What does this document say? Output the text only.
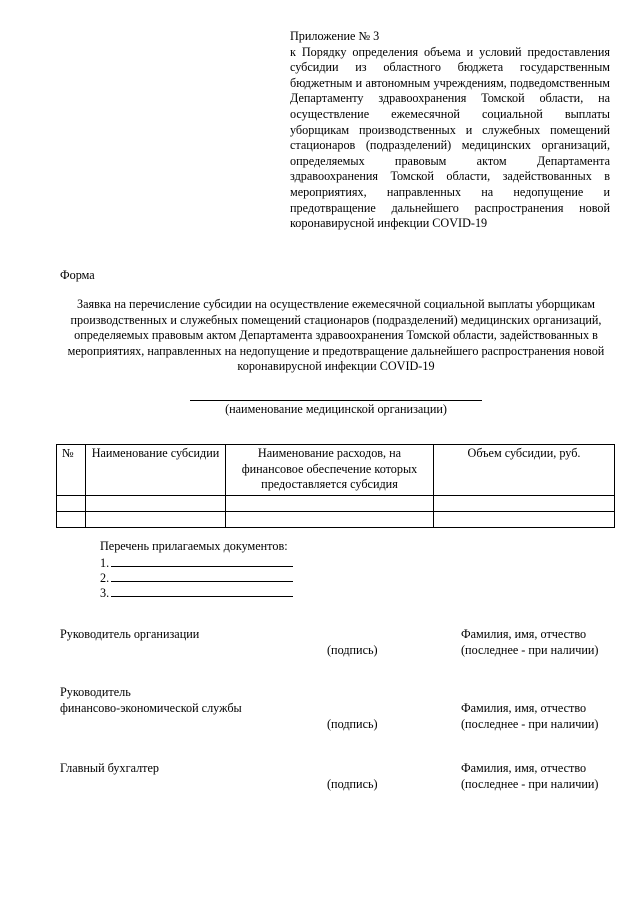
Приложение № 3
к Порядку определения объема и условий предоставления субсидии из областного бюджета государственным бюджетным и автономным учреждениям, подведомственным Департаменту здравоохранения Томской области, на осуществление ежемесячной социальной выплаты уборщикам производственных и служебных помещений стационаров (подразделений) медицинских организаций, определяемых правовым актом Департамента здравоохранения Томской области, задействованных в мероприятиях, направленных на недопущение и предотвращение дальнейшего распространения новой коронавирусной инфекции COVID-19
Форма
Заявка на перечисление субсидии на осуществление ежемесячной социальной выплаты уборщикам производственных и служебных помещений стационаров (подразделений) медицинских организаций, определяемых правовым актом Департамента здравоохранения Томской области, задействованных в мероприятиях, направленных на недопущение и предотвращение дальнейшего распространения новой коронавирусной инфекции COVID-19
(наименование медицинской организации)
№	Наименование субсидии	Наименование расходов, на финансовое обеспечение которых предоставляется субсидия	Объем субсидии, руб.

Перечень прилагаемых документов:
1.
2.
3.
Руководитель организации
(подпись)
Фамилия, имя, отчество
(последнее - при наличии)
Руководитель
финансово-экономической службы
(подпись)
Фамилия, имя, отчество
(последнее - при наличии)
Главный бухгалтер
(подпись)
Фамилия, имя, отчество
(последнее - при наличии)
